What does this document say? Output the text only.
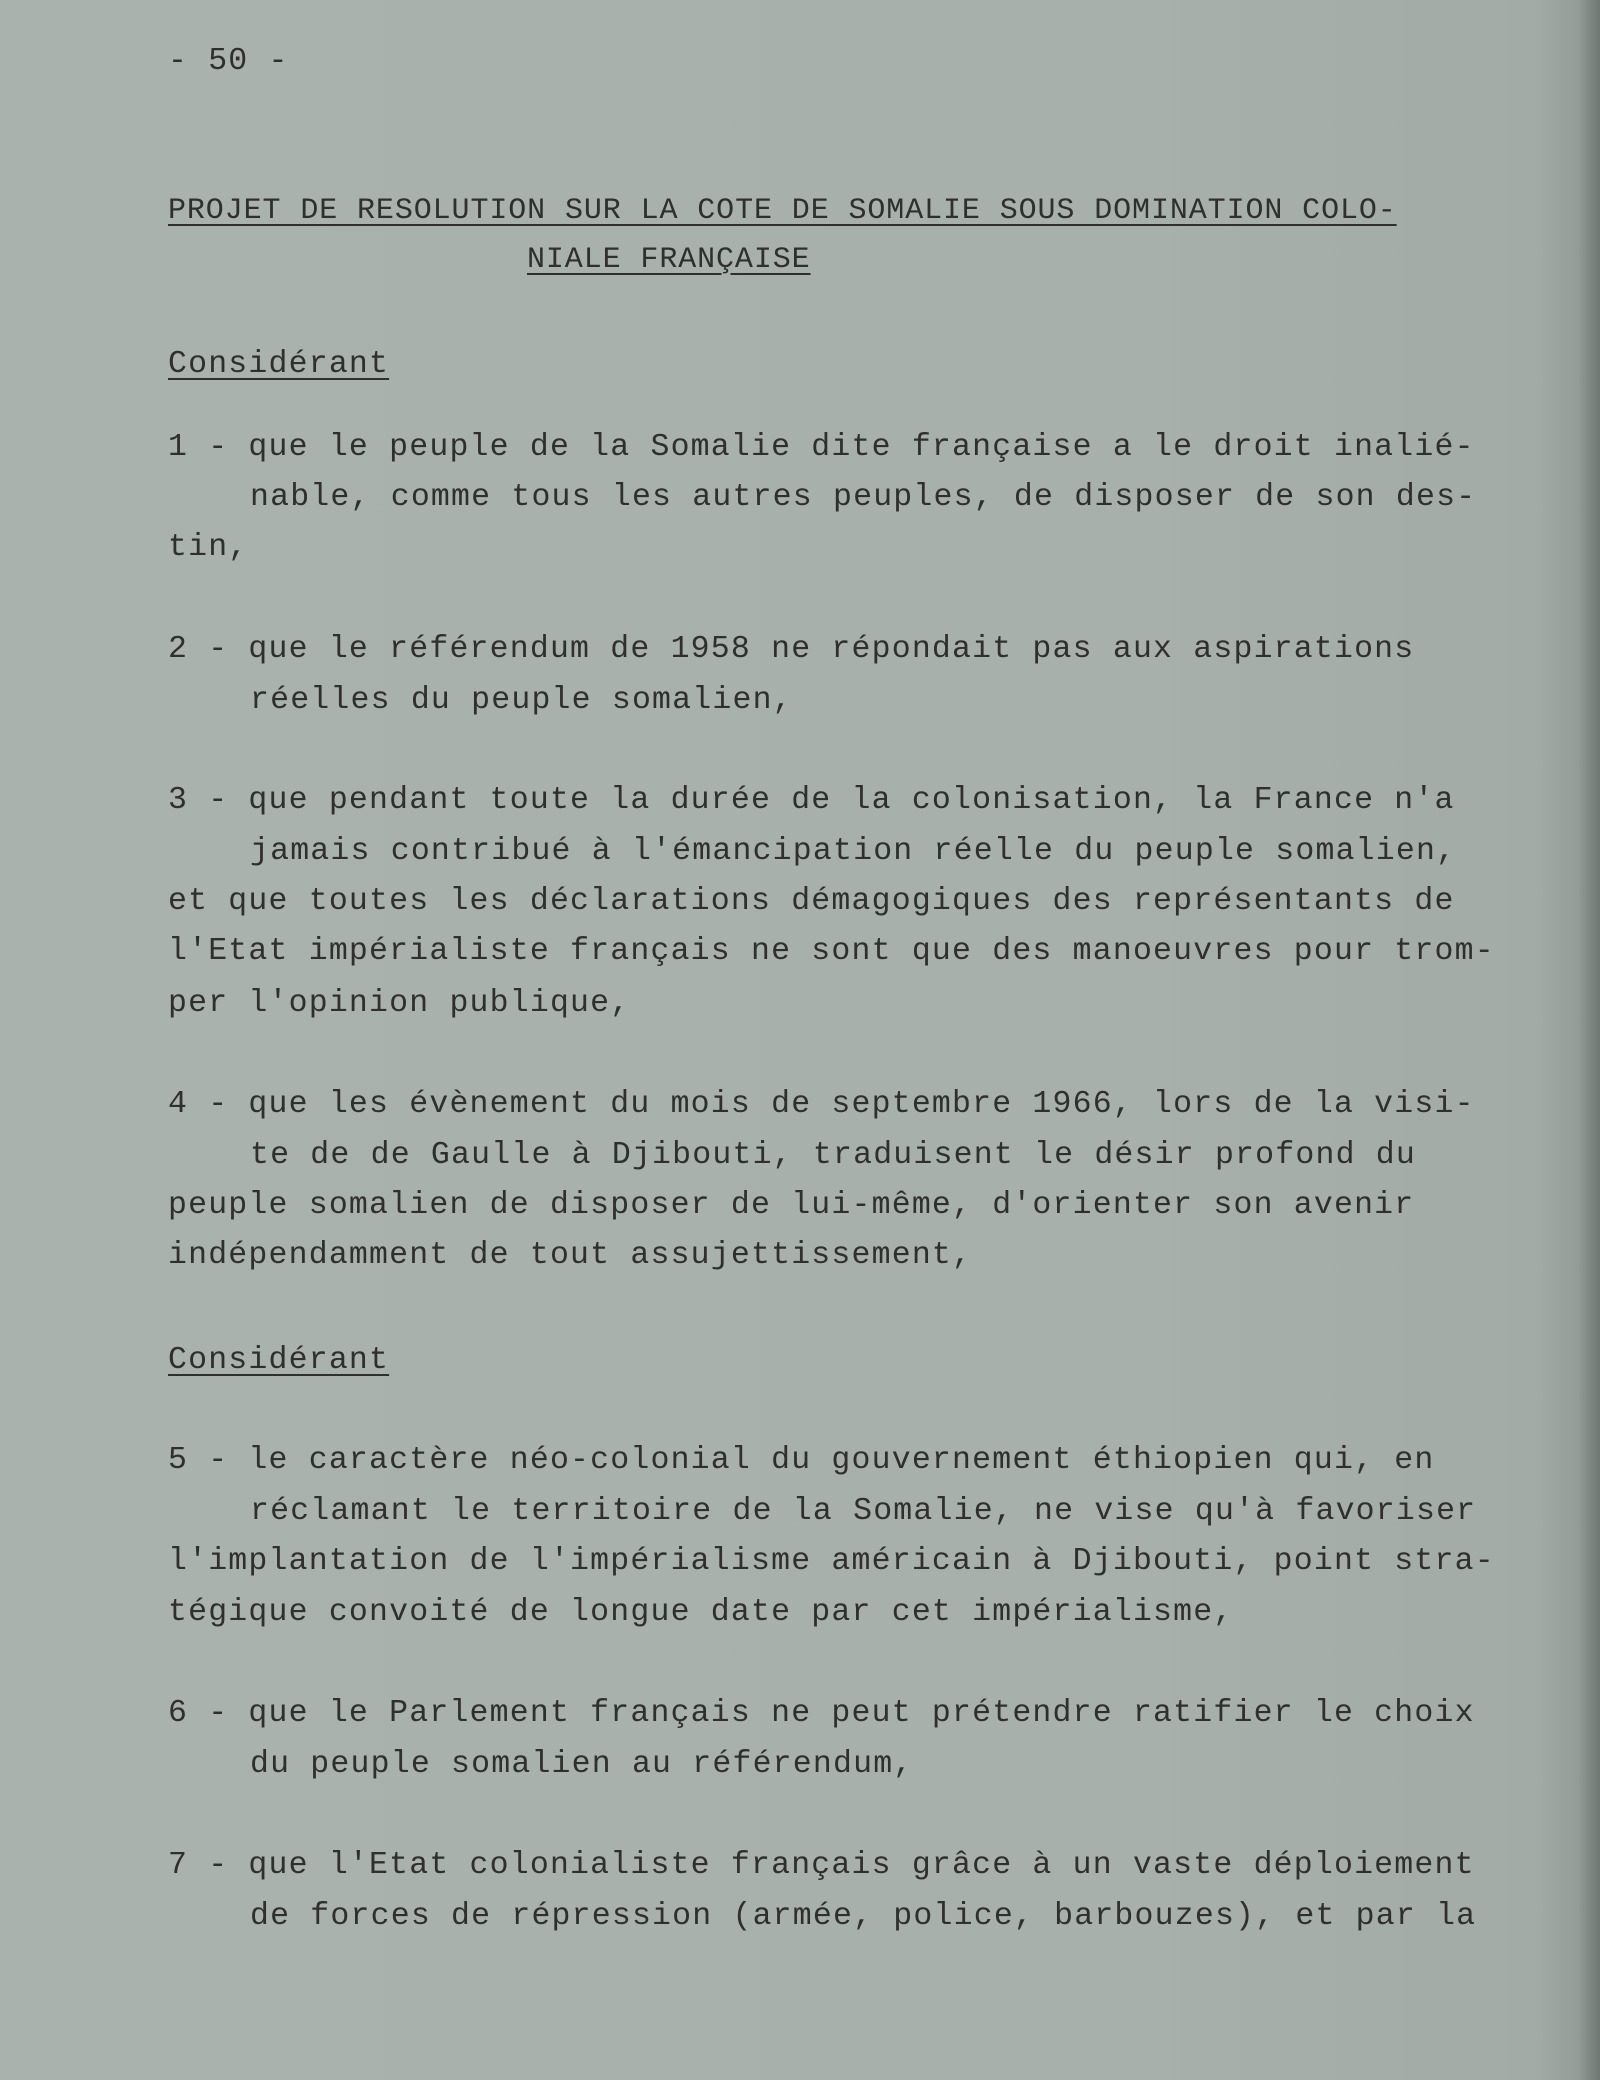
- 50 -
PROJET DE RESOLUTION SUR LA COTE DE SOMALIE SOUS DOMINATION COLO-
NIALE FRANÇAISE
Considérant
1 - que le peuple de la Somalie dite française a le droit inalié-
nable, comme tous les autres peuples, de disposer de son des-
tin,
2 - que le référendum de 1958 ne répondait pas aux aspirations
réelles du peuple somalien,
3 - que pendant toute la durée de la colonisation, la France n'a
jamais contribué à l'émancipation réelle du peuple somalien,
et que toutes les déclarations démagogiques des représentants de
l'Etat impérialiste français ne sont que des manoeuvres pour trom-
per l'opinion publique,
4 - que les évènement du mois de septembre 1966, lors de la visi-
te de de Gaulle à Djibouti, traduisent le désir profond du
peuple somalien de disposer de lui-même, d'orienter son avenir
indépendamment de tout assujettissement,
Considérant
5 - le caractère néo-colonial du gouvernement éthiopien qui, en
réclamant le territoire de la Somalie, ne vise qu'à favoriser
l'implantation de l'impérialisme américain à Djibouti, point stra-
tégique convoité de longue date par cet impérialisme,
6 - que le Parlement français ne peut prétendre ratifier le choix
du peuple somalien au référendum,
7 - que l'Etat colonialiste français grâce à un vaste déploiement
de forces de répression (armée, police, barbouzes), et par la
